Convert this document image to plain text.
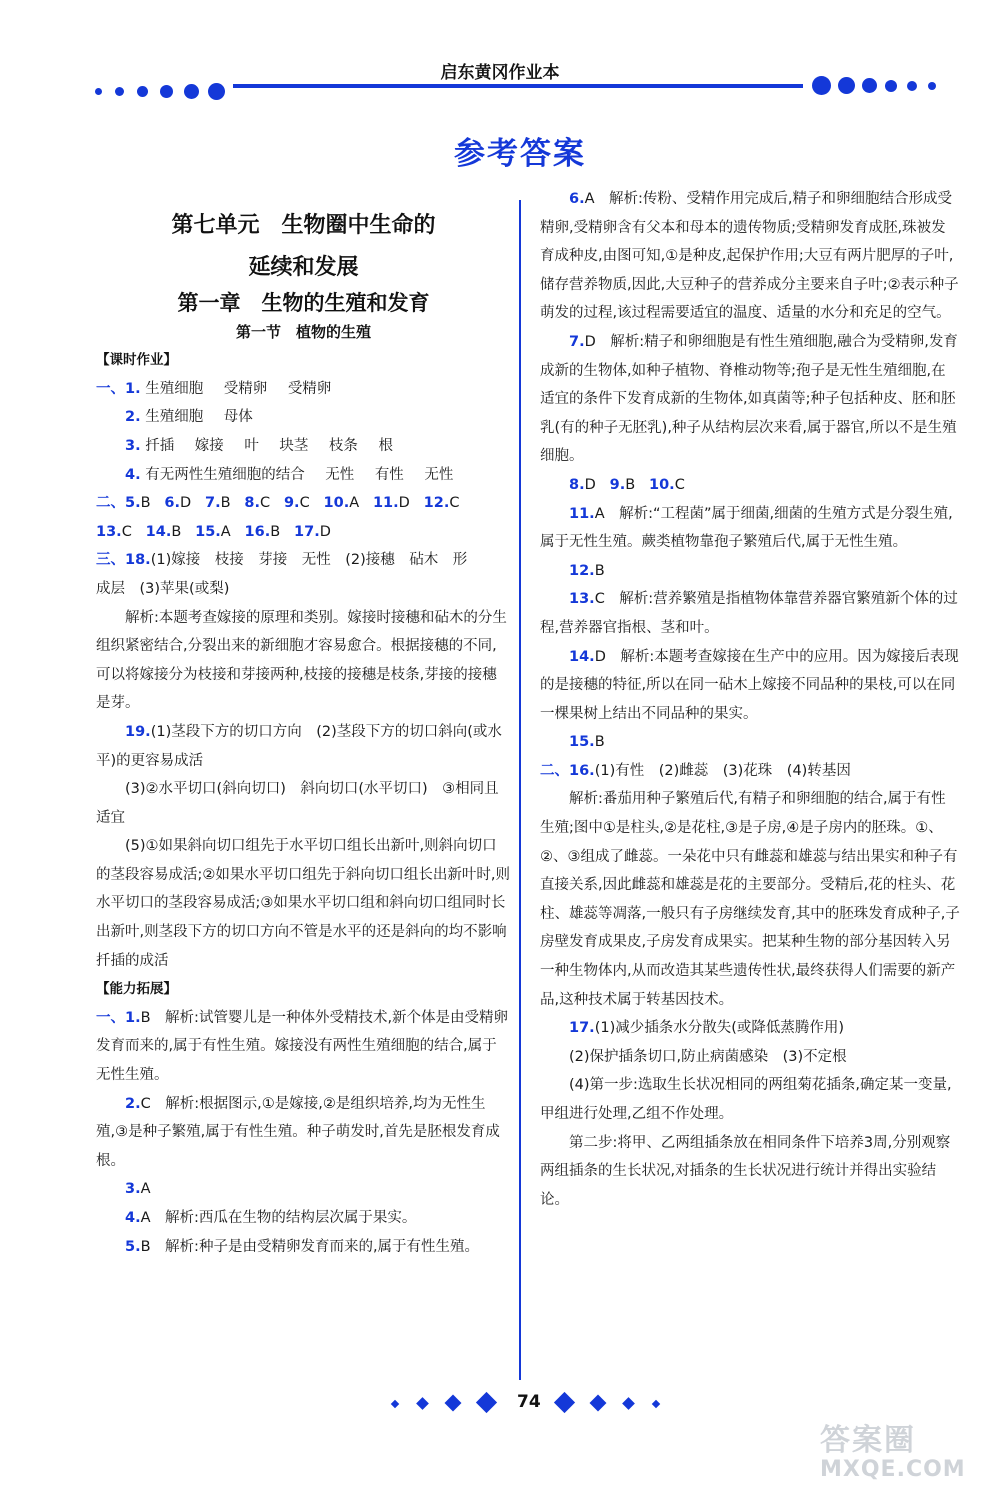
启东黄冈作业本
参考答案

第七单元　生物圈中生命的

延续和发展

第一章　生物的生殖和发育

第一节　植物的生殖

【课时作业】

一、1. 生殖细胞 受精卵 受精卵

2. 生殖细胞 母体

3. 扦插 嫁接 叶 块茎 枝条 根

4. 有无两性生殖细胞的结合 无性 有性 无性

二、5.B 6.D 7.B 8.C 9.C 10.A 11.D 12.C

13.C 14.B 15.A 16.B 17.D

三、18.(1)嫁接　枝接　芽接　无性　(2)接穗　砧木　形

成层　(3)苹果(或梨)

解析:本题考查嫁接的原理和类别。嫁接时接穗和砧木的分生组织紧密结合,分裂出来的新细胞才容易愈合。根据接穗的不同,可以将嫁接分为枝接和芽接两种,枝接的接穗是枝条,芽接的接穗是芽。

19.(1)茎段下方的切口方向　(2)茎段下方的切口斜向(或水平)的更容易成活

(3)②水平切口(斜向切口)　斜向切口(水平切口)　③相同且适宜

(5)①如果斜向切口组先于水平切口组长出新叶,则斜向切口的茎段容易成活;②如果水平切口组先于斜向切口组长出新叶时,则水平切口的茎段容易成活;③如果水平切口组和斜向切口组同时长出新叶,则茎段下方的切口方向不管是水平的还是斜向的均不影响扦插的成活

【能力拓展】

一、1.B　解析:试管婴儿是一种体外受精技术,新个体是由受精卵发育而来的,属于有性生殖。嫁接没有两性生殖细胞的结合,属于无性生殖。

2.C　解析:根据图示,①是嫁接,②是组织培养,均为无性生殖,③是种子繁殖,属于有性生殖。种子萌发时,首先是胚根发育成根。

3.A

4.A　解析:西瓜在生物的结构层次属于果实。

5.B　解析:种子是由受精卵发育而来的,属于有性生殖。

6.A　解析:传粉、受精作用完成后,精子和卵细胞结合形成受精卵,受精卵含有父本和母本的遗传物质;受精卵发育成胚,珠被发育成种皮,由图可知,①是种皮,起保护作用;大豆有两片肥厚的子叶,储存营养物质,因此,大豆种子的营养成分主要来自子叶;②表示种子萌发的过程,该过程需要适宜的温度、适量的水分和充足的空气。

7.D　解析:精子和卵细胞是有性生殖细胞,融合为受精卵,发育成新的生物体,如种子植物、脊椎动物等;孢子是无性生殖细胞,在适宜的条件下发育成新的生物体,如真菌等;种子包括种皮、胚和胚乳(有的种子无胚乳),种子从结构层次来看,属于器官,所以不是生殖细胞。

8.D 9.B 10.C

11.A　解析:“工程菌”属于细菌,细菌的生殖方式是分裂生殖,属于无性生殖。蕨类植物靠孢子繁殖后代,属于无性生殖。

12.B

13.C　解析:营养繁殖是指植物体靠营养器官繁殖新个体的过程,营养器官指根、茎和叶。

14.D　解析:本题考查嫁接在生产中的应用。因为嫁接后表现的是接穗的特征,所以在同一砧木上嫁接不同品种的果枝,可以在同一棵果树上结出不同品种的果实。

15.B

二、16.(1)有性　(2)雌蕊　(3)花珠　(4)转基因

解析:番茄用种子繁殖后代,有精子和卵细胞的结合,属于有性生殖;图中①是柱头,②是花柱,③是子房,④是子房内的胚珠。①、②、③组成了雌蕊。一朵花中只有雌蕊和雄蕊与结出果实和种子有直接关系,因此雌蕊和雄蕊是花的主要部分。受精后,花的柱头、花柱、雄蕊等凋落,一般只有子房继续发育,其中的胚珠发育成种子,子房壁发育成果皮,子房发育成果实。把某种生物的部分基因转入另一种生物体内,从而改造其某些遗传性状,最终获得人们需要的新产品,这种技术属于转基因技术。

17.(1)减少插条水分散失(或降低蒸腾作用)

(2)保护插条切口,防止病菌感染　(3)不定根

(4)第一步:选取生长状况相同的两组菊花插条,确定某一变量,甲组进行处理,乙组不作处理。

第二步:将甲、乙两组插条放在相同条件下培养3周,分别观察两组插条的生长状况,对插条的生长状况进行统计并得出实验结论。

74
答案圈
MXQE.COM
